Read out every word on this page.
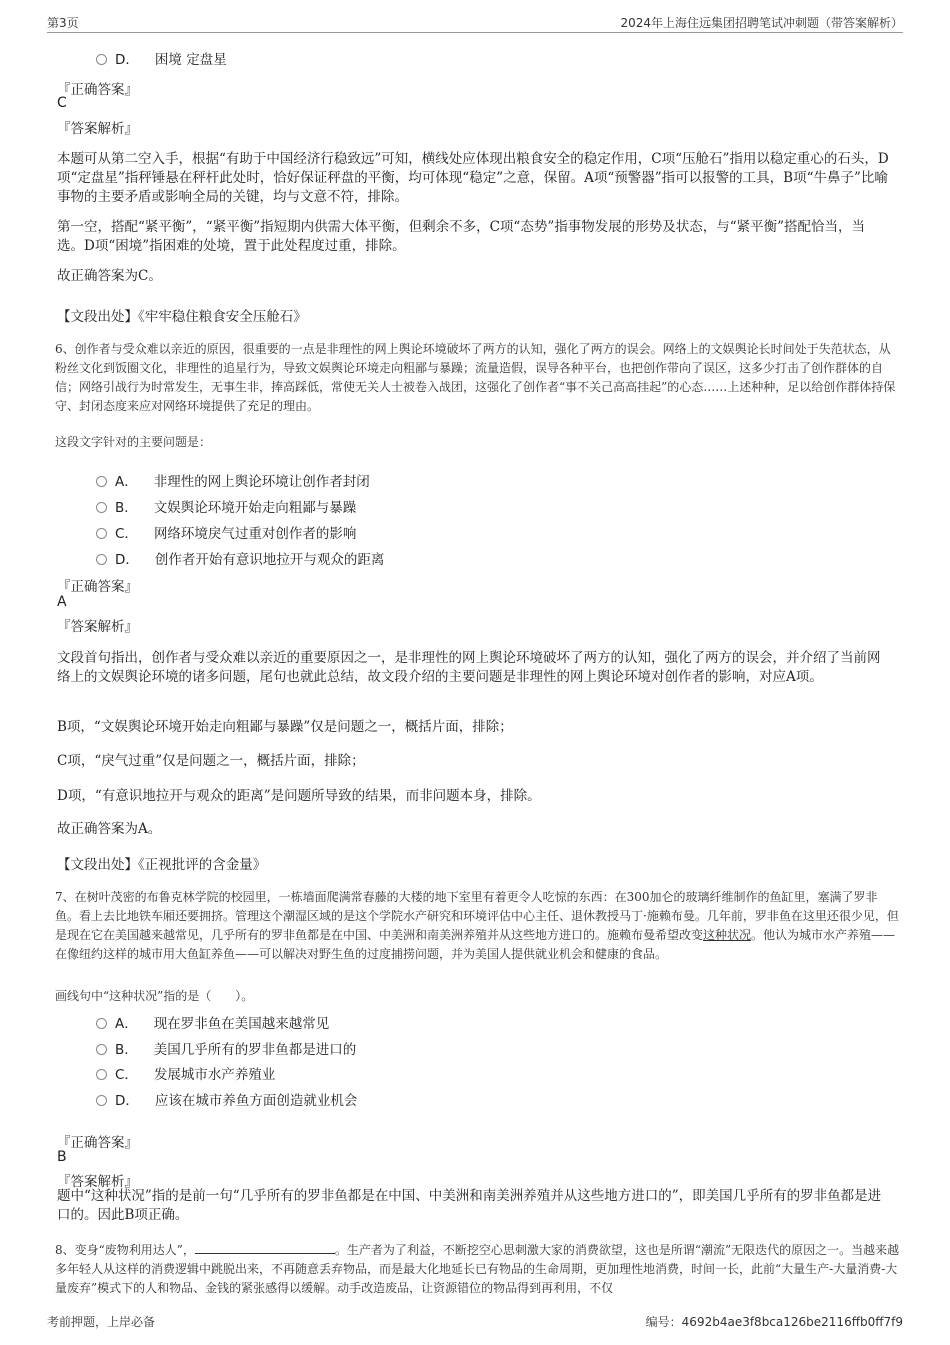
第3页	2024年上海住远集团招聘笔试冲刺题（带答案解析）
D． 困境 定盘星
『正确答案』
C
『答案解析』
本题可从第二空入手，根据“有助于中国经济行稳致远”可知，横线处应体现出粮食安全的稳定作用，C项“压舱石”指用以稳定重心的石头，D项“定盘星”指秤锤悬在秤杆此处时，恰好保证秤盘的平衡，均可体现“稳定”之意，保留。A项“预警器”指可以报警的工具，B项“牛鼻子”比喻事物的主要矛盾或影响全局的关键，均与文意不符，排除。
第一空，搭配“紧平衡”，“紧平衡”指短期内供需大体平衡，但剩余不多，C项“态势”指事物发展的形势及状态，与“紧平衡”搭配恰当，当选。D项“困境”指困难的处境，置于此处程度过重，排除。
故正确答案为C。
【文段出处】《牢牢稳住粮食安全压舱石》
6、创作者与受众难以亲近的原因，很重要的一点是非理性的网上舆论环境破坏了两方的认知，强化了两方的误会。网络上的文娱舆论长时间处于失范状态，从粉丝文化到饭圈文化，非理性的追星行为，导致文娱舆论环境走向粗鄙与暴躁；流量造假，误导各种平台，也把创作带向了误区，这多少打击了创作群体的自信；网络引战行为时常发生，无事生非，捧高踩低，常使无关人士被卷入战团，这强化了创作者“事不关己高高挂起”的心态……上述种种，足以给创作群体持保守、封闭态度来应对网络环境提供了充足的理由。
这段文字针对的主要问题是：
A． 非理性的网上舆论环境让创作者封闭
B． 文娱舆论环境开始走向粗鄙与暴躁
C． 网络环境戾气过重对创作者的影响
D． 创作者开始有意识地拉开与观众的距离
『正确答案』
A
『答案解析』
文段首句指出，创作者与受众难以亲近的重要原因之一，是非理性的网上舆论环境破坏了两方的认知，强化了两方的误会，并介绍了当前网络上的文娱舆论环境的诸多问题，尾句也就此总结，故文段介绍的主要问题是非理性的网上舆论环境对创作者的影响，对应A项。
B项，“文娱舆论环境开始走向粗鄙与暴躁”仅是问题之一，概括片面，排除；
C项，“戾气过重”仅是问题之一，概括片面，排除；
D项，“有意识地拉开与观众的距离”是问题所导致的结果，而非问题本身，排除。
故正确答案为A。
【文段出处】《正视批评的含金量》
7、在树叶茂密的布鲁克林学院的校园里，一栋墙面爬满常春藤的大楼的地下室里有着更令人吃惊的东西：在300加仑的玻璃纤维制作的鱼缸里，塞满了罗非鱼。看上去比地铁车厢还要拥挤。管理这个潮湿区域的是这个学院水产研究和环境评估中心主任、退休教授马丁·施赖布曼。几年前，罗非鱼在这里还很少见，但是现在它在美国越来越常见，几乎所有的罗非鱼都是在中国、中美洲和南美洲养殖并从这些地方进口的。施赖布曼希望改变这种状况。他认为城市水产养殖——在像纽约这样的城市用大鱼缸养鱼——可以解决对野生鱼的过度捕捞问题，并为美国人提供就业机会和健康的食品。
画线句中“这种状况”指的是（　　）。
A． 现在罗非鱼在美国越来越常见
B． 美国几乎所有的罗非鱼都是进口的
C． 发展城市水产养殖业
D． 应该在城市养鱼方面创造就业机会
『正确答案』
B
『答案解析』
题中“这种状况”指的是前一句“几乎所有的罗非鱼都是在中国、中美洲和南美洲养殖并从这些地方进口的”，即美国几乎所有的罗非鱼都是进口的。因此B项正确。
8、变身“废物利用达人”，	。生产者为了利益，不断挖空心思刺激大家的消费欲望，这也是所谓“潮流”无限迭代的原因之一。当越来越多年轻人从这样的消费逻辑中跳脱出来，不再随意丢弃物品，而是最大化地延长已有物品的生命周期，更加理性地消费，时间一长，此前“大量生产-大量消费-大量废弃”模式下的人和物品、金钱的紧张感得以缓解。动手改造废品，让资源错位的物品得到再利用，不仅
考前押题，上岸必备	编号：4692b4ae3f8bca126be2116ffb0ff7f9
